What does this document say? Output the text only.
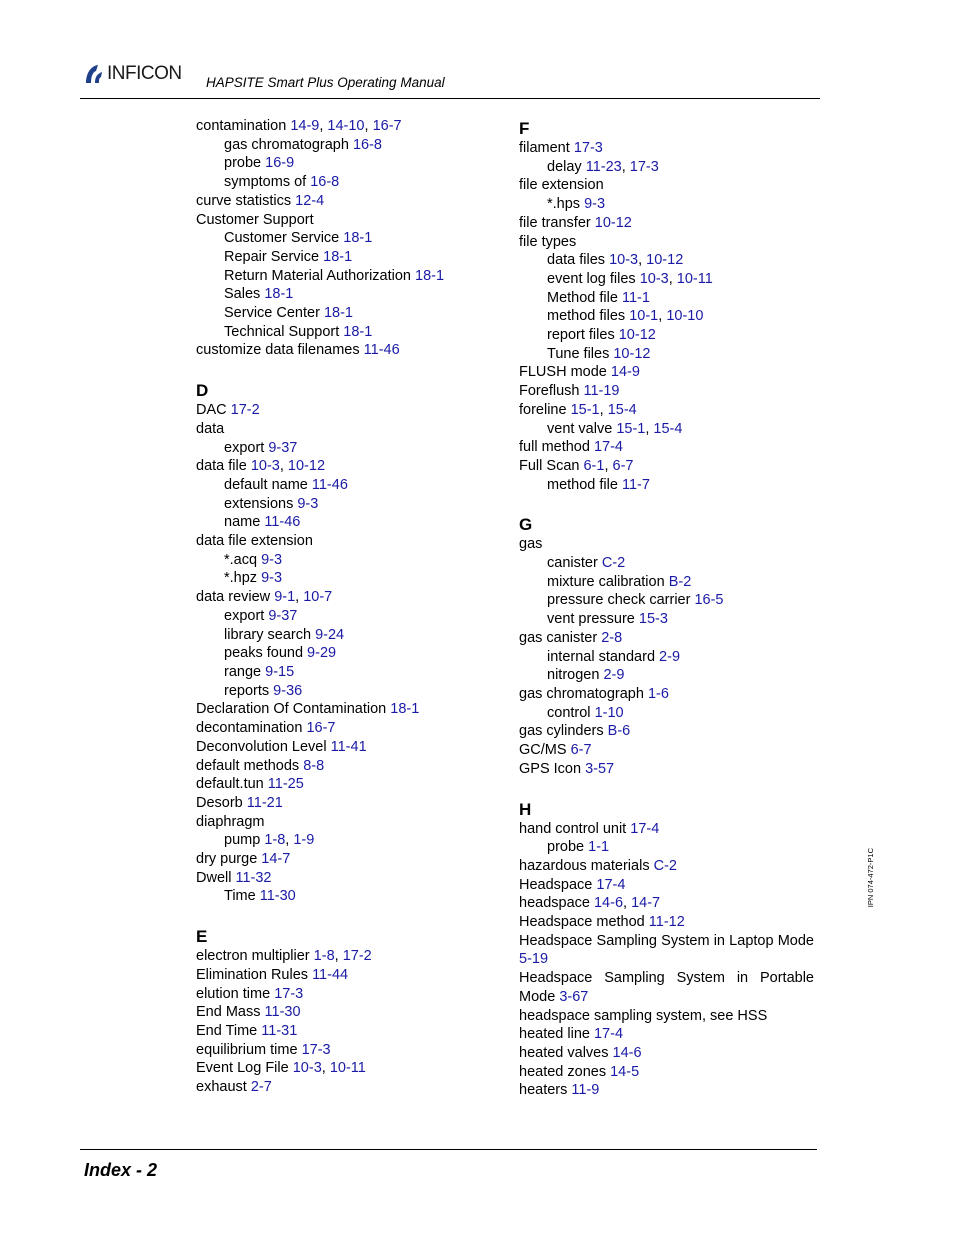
INFICON HAPSITE Smart Plus Operating Manual
contamination 14-9, 14-10, 16-7
gas chromatograph 16-8
probe 16-9
symptoms of 16-8
curve statistics 12-4
Customer Support
Customer Service 18-1
Repair Service 18-1
Return Material Authorization 18-1
Sales 18-1
Service Center 18-1
Technical Support 18-1
customize data filenames 11-46
D
DAC 17-2
data
export 9-37
data file 10-3, 10-12
default name 11-46
extensions 9-3
name 11-46
data file extension
*.acq 9-3
*.hpz 9-3
data review 9-1, 10-7
export 9-37
library search 9-24
peaks found 9-29
range 9-15
reports 9-36
Declaration Of Contamination 18-1
decontamination 16-7
Deconvolution Level 11-41
default methods 8-8
default.tun 11-25
Desorb 11-21
diaphragm
pump 1-8, 1-9
dry purge 14-7
Dwell 11-32
Time 11-30
E
electron multiplier 1-8, 17-2
Elimination Rules 11-44
elution time 17-3
End Mass 11-30
End Time 11-31
equilibrium time 17-3
Event Log File 10-3, 10-11
exhaust 2-7
F
filament 17-3
delay 11-23, 17-3
file extension
*.hps 9-3
file transfer 10-12
file types
data files 10-3, 10-12
event log files 10-3, 10-11
Method file 11-1
method files 10-1, 10-10
report files 10-12
Tune files 10-12
FLUSH mode 14-9
Foreflush 11-19
foreline 15-1, 15-4
vent valve 15-1, 15-4
full method 17-4
Full Scan 6-1, 6-7
method file 11-7
G
gas
canister C-2
mixture calibration B-2
pressure check carrier 16-5
vent pressure 15-3
gas canister 2-8
internal standard 2-9
nitrogen 2-9
gas chromatograph 1-6
control 1-10
gas cylinders B-6
GC/MS 6-7
GPS Icon 3-57
H
hand control unit 17-4
probe 1-1
hazardous materials C-2
Headspace 17-4
headspace 14-6, 14-7
Headspace method 11-12
Headspace Sampling System in Laptop Mode 5-19
Headspace Sampling System in Portable Mode 3-67
headspace sampling system, see HSS
heated line 17-4
heated valves 14-6
heated zones 14-5
heaters 11-9
IPN 074-472-P1C
Index - 2
